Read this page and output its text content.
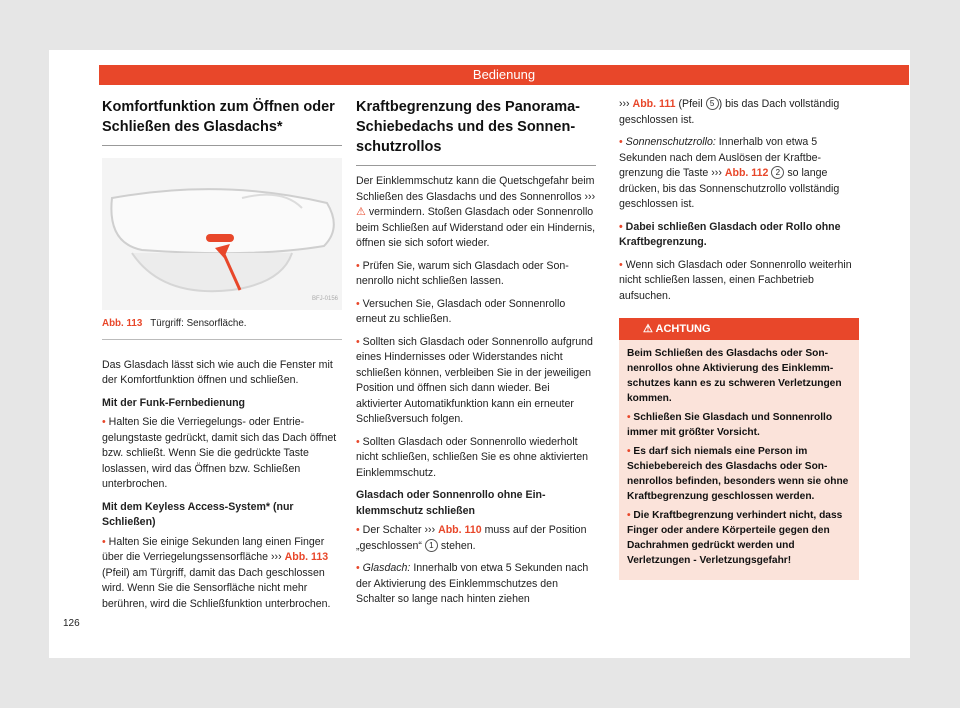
Bedienung
Komfortfunktion zum Öffnen oder Schließen des Glasdachs*
BFJ-0156
Abb. 113 Türgriff: Sensorfläche.

Das Glasdach lässt sich wie auch die Fenster mit der Komfortfunktion öffnen und schließen.

Mit der Funk-Fernbedienung

• Halten Sie die Verriegelungs- oder Entriegelungstaste gedrückt, damit sich das Dach öffnet bzw. schließt. Wenn Sie die gedrückte Taste loslassen, wird das Öffnen bzw. Schließen unterbrochen.

Mit dem Keyless Access-System* (nur Schließen)

• Halten Sie einige Sekunden lang einen Finger über die Verriegelungssensorfläche ››› Abb. 113 (Pfeil) am Türgriff, damit das Dach geschlossen wird. Wenn Sie die Sensorfläche nicht mehr berühren, wird die Schließfunktion unterbrochen.

Kraftbegrenzung des Panorama-Schiebedachs und des Sonnenschutzrollos

Der Einklemmschutz kann die Quetschgefahr beim Schließen des Glasdachs und des Sonnenrollos ››› ⚠ vermindern. Stoßen Glasdach oder Sonnenrollo beim Schließen auf Widerstand oder ein Hindernis, öffnen sie sich sofort wieder.

• Prüfen Sie, warum sich Glasdach oder Sonnenrollo nicht schließen lassen.

• Versuchen Sie, Glasdach oder Sonnenrollo erneut zu schließen.

• Sollten sich Glasdach oder Sonnenrollo aufgrund eines Hindernisses oder Widerstandes nicht schließen können, verbleiben Sie in der jeweiligen Position und öffnen sich dann wieder. Bei aktivierter Automatikfunktion kann ein erneuter Schließversuch folgen.

• Sollten Glasdach oder Sonnenrollo wiederholt nicht schließen, schließen Sie es ohne aktivierten Einklemmschutz.

Glasdach oder Sonnenrollo ohne Einklemmschutz schließen

• Der Schalter ››› Abb. 110 muss auf der Position „geschlossen“ 1 stehen.

• Glasdach: Innerhalb von etwa 5 Sekunden nach der Aktivierung des Einklemmschutzes den Schalter so lange nach hinten ziehen

››› Abb. 111 (Pfeil 5 ) bis das Dach vollständig geschlossen ist.

• Sonnenschutzrollo: Innerhalb von etwa 5 Sekunden nach dem Auslösen der Kraftbegrenzung die Taste ››› Abb. 112 2 so lange drücken, bis das Sonnenschutzrollo vollständig geschlossen ist.

• Dabei schließen Glasdach oder Rollo ohne Kraftbegrenzung.

• Wenn sich Glasdach oder Sonnenrollo weiterhin nicht schließen lassen, einen Fachbetrieb aufsuchen.

⚠ ACHTUNG

Beim Schließen des Glasdachs oder Sonnenrollos ohne Aktivierung des Einklemmschutzes kann es zu schweren Verletzungen kommen.

• Schließen Sie Glasdach und Sonnenrollo immer mit größter Vorsicht.

• Es darf sich niemals eine Person im Schiebebereich des Glasdachs oder Sonnenrollos befinden, besonders wenn sie ohne Kraftbegrenzung geschlossen werden.

• Die Kraftbegrenzung verhindert nicht, dass Finger oder andere Körperteile gegen den Dachrahmen gedrückt werden und Verletzungen - Verletzungsgefahr!

126
